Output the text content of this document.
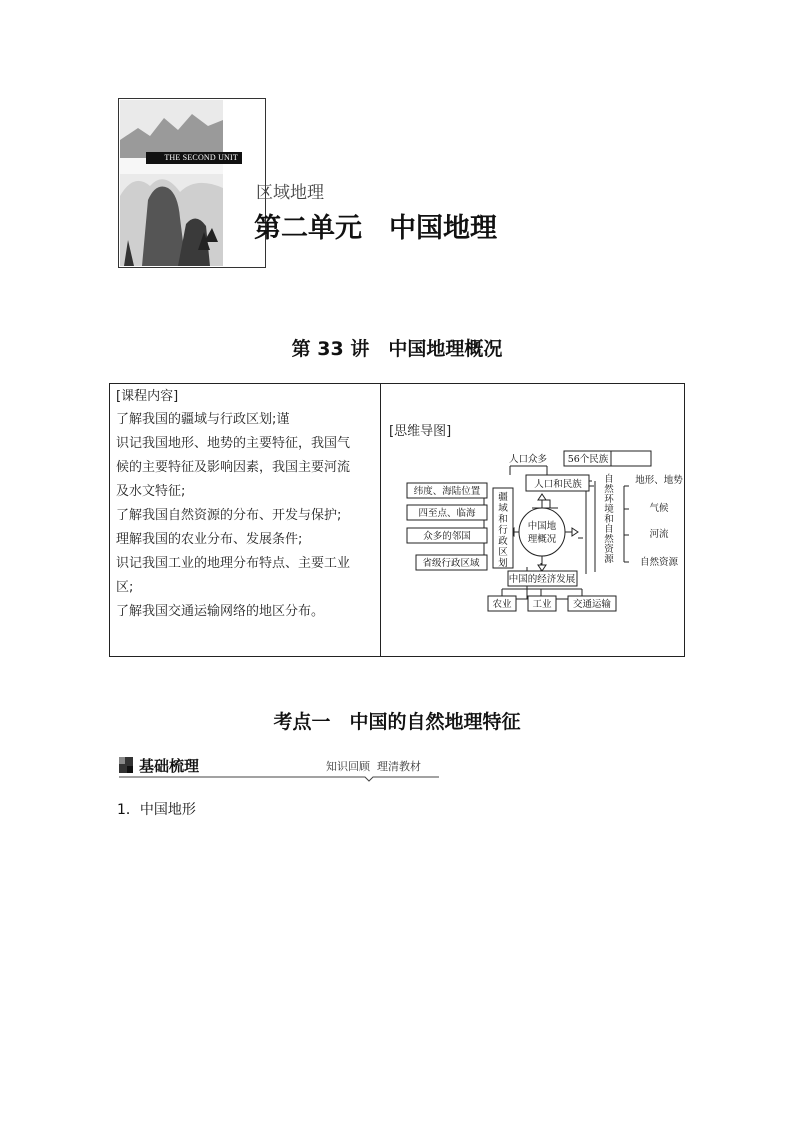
THE SECOND UNIT
区域地理
第二单元　中国地理
第 33 讲　中国地理概况
[课程内容]
了解我国的疆域与行政区划;谨
识记我国地形、地势的主要特征，我国气
候的主要特征及影响因素，我国主要河流
及水文特征;
了解我国自然资源的分布、开发与保护;
理解我国的农业分布、发展条件;
识记我国工业的地理分布特点、主要工业
区;
了解我国交通运输网络的地区分布。
[思维导图]
中国地
理概况
人口众多 56个民族
人口和民族
纬度、海陆位置
四至点、临海
众多的邻国
省级行政区域
疆域和行政区划
自然环境和自然资源
地形、地势
气候
河流
自然资源
中国的经济发展
农业 工业 交通运输
考点一　中国的自然地理特征
基础梳理	知识回顾  理清教材
1．中国地形
